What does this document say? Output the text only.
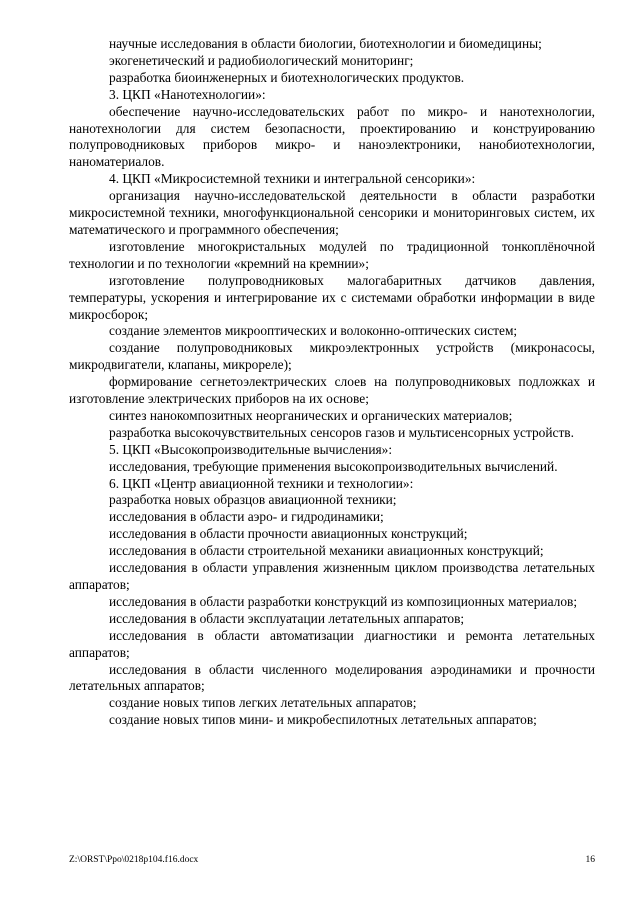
научные исследования в области биологии, биотехнологии и биомедицины;

экогенетический и радиобиологический мониторинг;

разработка биоинженерных и биотехнологических продуктов.

3. ЦКП «Нанотехнологии»:

обеспечение научно-исследовательских работ по микро- и нанотехнологии, нанотехнологии для систем безопасности, проектированию и конструированию полупроводниковых приборов микро- и наноэлектроники, нанобиотехнологии, наноматериалов.

4. ЦКП «Микросистемной техники и интегральной сенсорики»:

организация научно-исследовательской деятельности в области разработки микросистемной техники, многофункциональной сенсорики и мониторинговых систем, их математического и программного обеспечения;

изготовление многокристальных модулей по традиционной тонкоплёночной технологии и по технологии «кремний на кремнии»;

изготовление полупроводниковых малогабаритных датчиков давления, температуры, ускорения и интегрирование их с системами обработки информации в виде микросборок;

создание элементов микрооптических и волоконно-оптических систем;

создание полупроводниковых микроэлектронных устройств (микронасосы, микродвигатели, клапаны, микрореле);

формирование сегнетоэлектрических слоев на полупроводниковых подложках и изготовление электрических приборов на их основе;

синтез нанокомпозитных неорганических и органических материалов;

разработка высокочувствительных сенсоров газов и мультисенсорных устройств.

5. ЦКП «Высокопроизводительные вычисления»:

исследования, требующие применения высокопроизводительных вычислений.

6. ЦКП «Центр авиационной техники и технологии»:

разработка новых образцов авиационной техники;

исследования в области аэро- и гидродинамики;

исследования в области прочности авиационных конструкций;

исследования в области строительной механики авиационных конструкций;

исследования в области управления жизненным циклом производства летательных аппаратов;

исследования в области разработки конструкций из композиционных материалов;

исследования в области эксплуатации летательных аппаратов;

исследования в области автоматизации диагностики и ремонта летательных аппаратов;

исследования в области численного моделирования аэродинамики и прочности летательных аппаратов;

создание новых типов легких летательных аппаратов;

создание новых типов мини- и микробеспилотных летательных аппаратов;

Z:\ORST\Ppo\0218p104.f16.docx	16
